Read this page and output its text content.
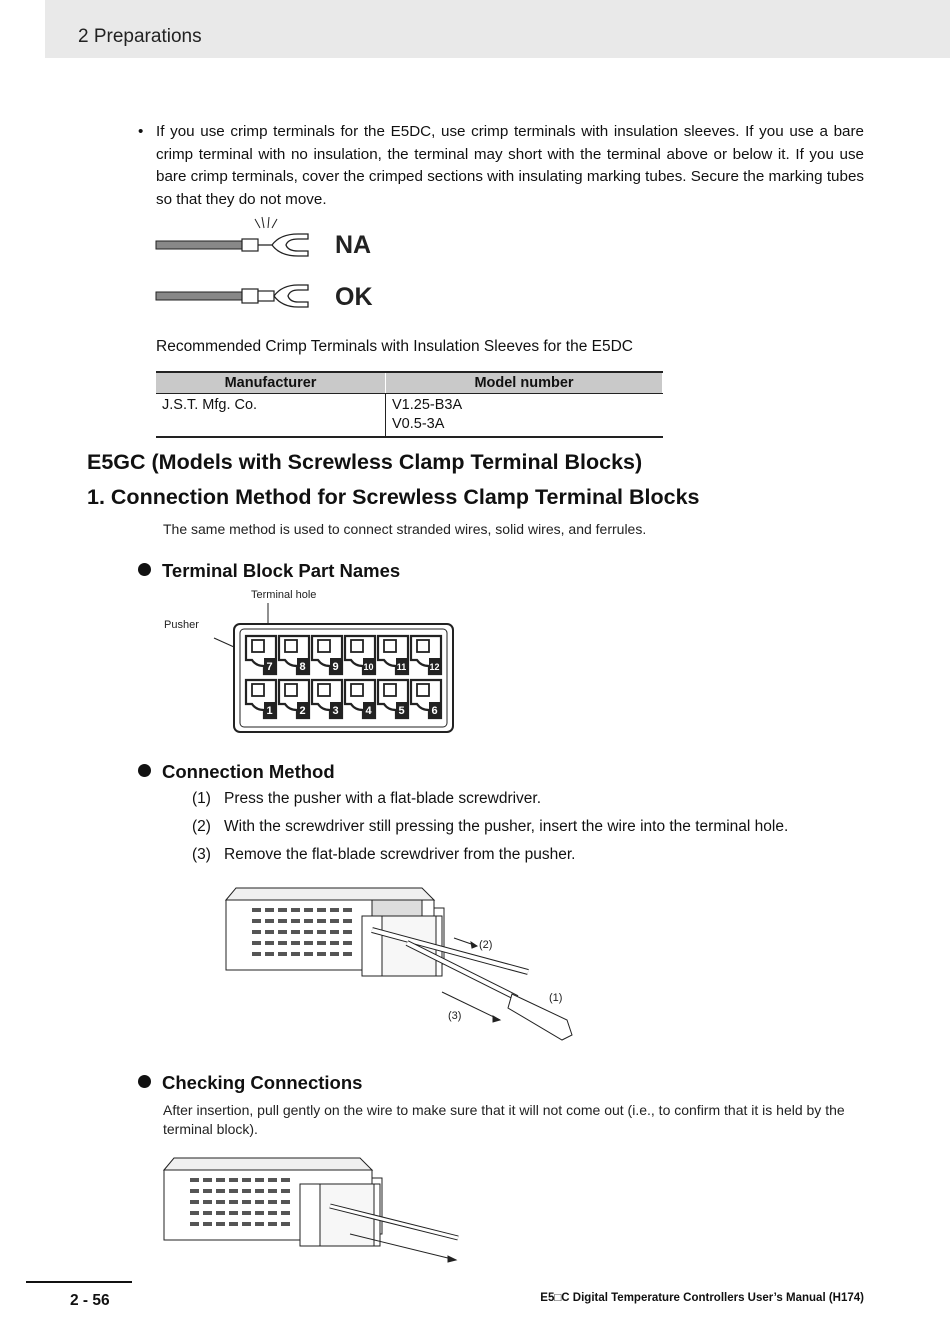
2 Preparations
• If you use crimp terminals for the E5DC, use crimp terminals with insulation sleeves. If you use a bare crimp terminal with no insulation, the terminal may short with the terminal above or below it. If you use bare crimp terminals, cover the crimped sections with insulating marking tubes. Secure the marking tubes so that they do not move.
NA
OK
Recommended Crimp Terminals with Insulation Sleeves for the E5DC
Manufacturer	Model number
J.S.T. Mfg. Co.	V1.25-B3A
V0.5-3A
E5GC (Models with Screwless Clamp Terminal Blocks)
1. Connection Method for Screwless Clamp Terminal Blocks
The same method is used to connect stranded wires, solid wires, and ferrules.
Terminal Block Part Names
Terminal hole
Pusher
7 8 9	10	11	12
1 2 3 4 5 6
Connection Method
(1) Press the pusher with a flat-blade screwdriver.
(2) With the screwdriver still pressing the pusher, insert the wire into the terminal hole.
(3) Remove the flat-blade screwdriver from the pusher.
(2)
(1)
(3)
Checking Connections
After insertion, pull gently on the wire to make sure that it will not come out (i.e., to confirm that it is held by the terminal block).
2 - 56	E5□C Digital Temperature Controllers User’s Manual (H174)
